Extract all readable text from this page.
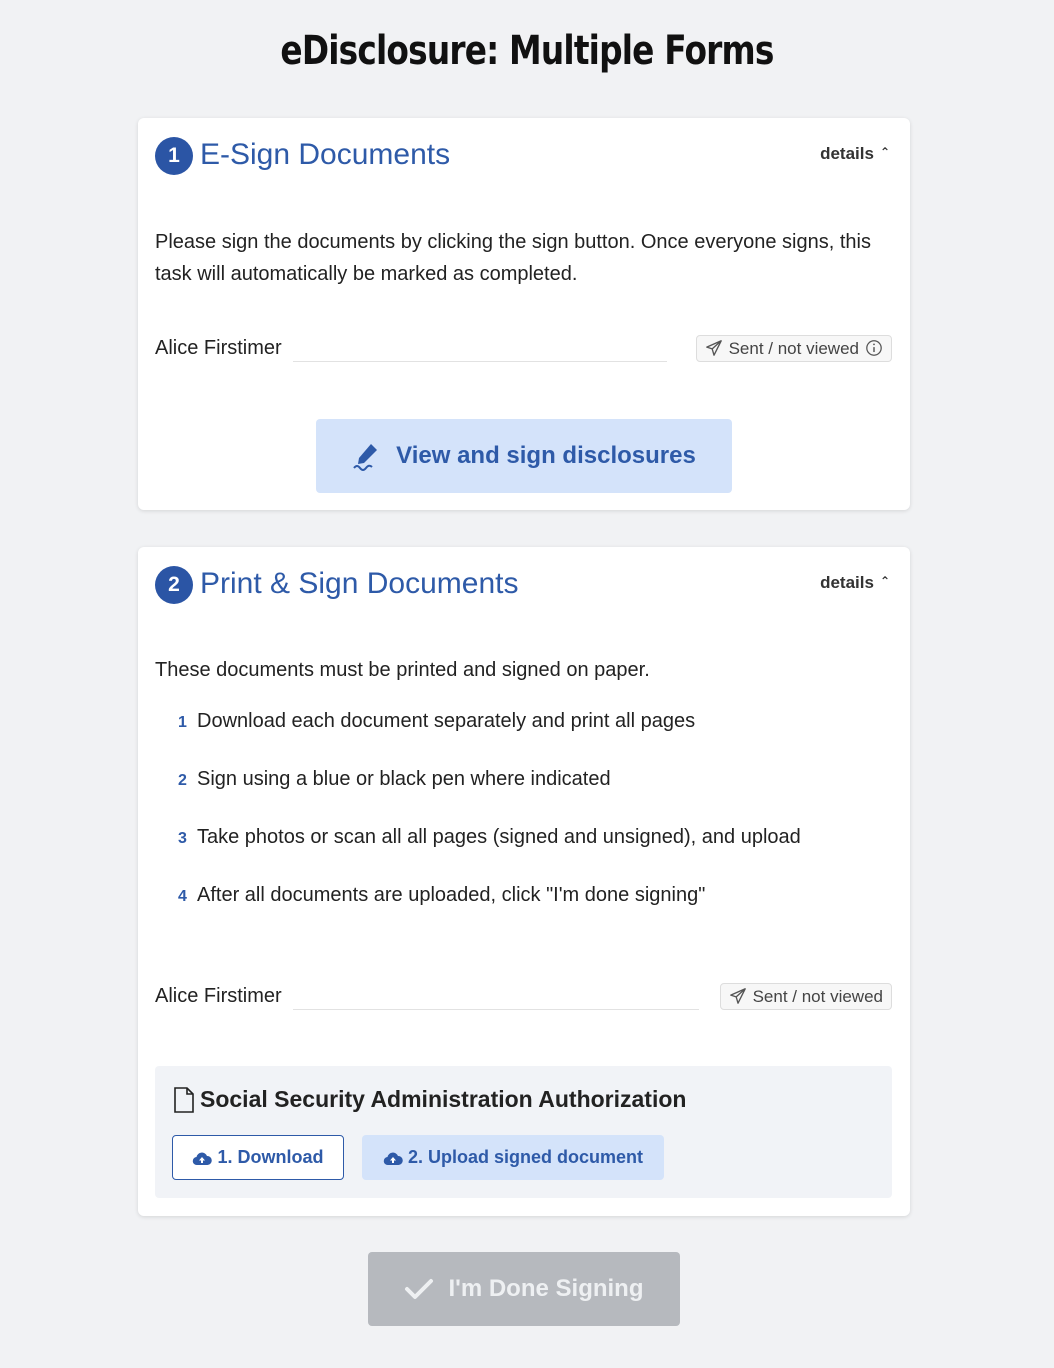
eDisclosure: Multiple Forms
1 E-Sign Documents	details ⌃

Please sign the documents by clicking the sign button. Once everyone signs, this task will automatically be marked as completed.

Alice Firstimer	Sent / not viewed
View and sign disclosures
2 Print & Sign Documents	details ⌃

These documents must be printed and signed on paper.

1 Download each document separately and print all pages
2 Sign using a blue or black pen where indicated
3 Take photos or scan all all pages (signed and unsigned), and upload
4 After all documents are uploaded, click "I'm done signing"
Alice Firstimer	Sent / not viewed
Social Security Administration Authorization
1. Download	2. Upload signed document
I'm Done Signing
